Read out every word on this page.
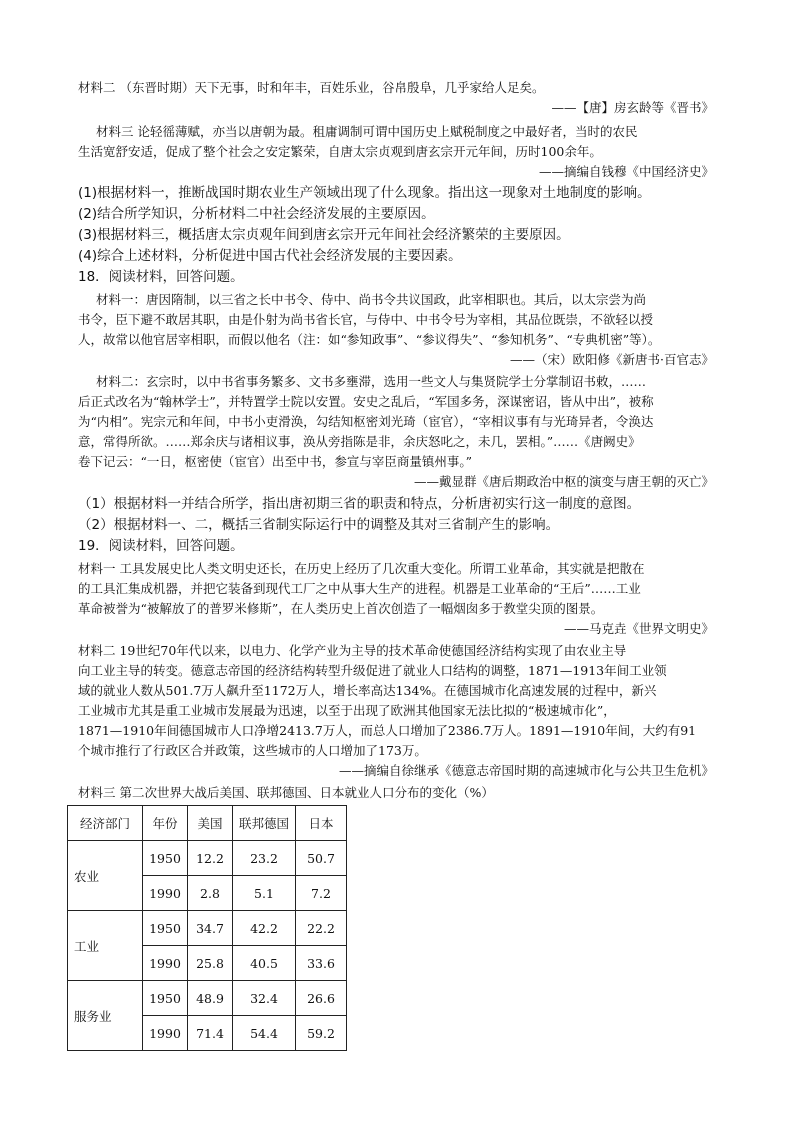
材料二 （东晋时期）天下无事，时和年丰，百姓乐业，谷帛殷阜，几乎家给人足矣。
——【唐】房玄龄等《晋书》
材料三 论轻徭薄赋，亦当以唐朝为最。租庸调制可谓中国历史上赋税制度之中最好者，当时的农民
生活宽舒安适，促成了整个社会之安定繁荣，自唐太宗贞观到唐玄宗开元年间，历时100余年。
——摘编自钱穆《中国经济史》
(1)根据材料一，推断战国时期农业生产领域出现了什么现象。指出这一现象对土地制度的影响。
(2)结合所学知识，分析材料二中社会经济发展的主要原因。
(3)根据材料三，概括唐太宗贞观年间到唐玄宗开元年间社会经济繁荣的主要原因。
(4)综合上述材料，分析促进中国古代社会经济发展的主要因素。
18．阅读材料，回答问题。
材料一：唐因隋制，以三省之长中书令、侍中、尚书令共议国政，此宰相职也。其后，以太宗尝为尚
书令，臣下避不敢居其职，由是仆射为尚书省长官，与侍中、中书令号为宰相，其品位既崇，不欲轻以授
人，故常以他官居宰相职，而假以他名（注：如“参知政事”、“参议得失”、“参知机务”、“专典机密”等）。
——（宋）欧阳修《新唐书·百官志》
材料二：玄宗时，以中书省事务繁多、文书多壅滞，选用一些文人与集贤院学士分掌制诏书敕，……
后正式改名为“翰林学士”，并特置学士院以安置。安史之乱后，“军国多务，深谋密诏，皆从中出”，被称
为“内相”。宪宗元和年间，中书小吏滑涣，勾结知枢密刘光琦（宦官），“宰相议事有与光琦异者，令涣达
意，常得所欲。……郑余庆与诸相议事，涣从旁指陈是非，余庆怒叱之，未几，罢相。”……《唐阙史》
卷下记云：“一日，枢密使（宦官）出至中书，参宣与宰臣商量镇州事。”
——戴显群《唐后期政治中枢的演变与唐王朝的灭亡》
（1）根据材料一并结合所学，指出唐初期三省的职责和特点，分析唐初实行这一制度的意图。
（2）根据材料一、二，概括三省制实际运行中的调整及其对三省制产生的影响。
19．阅读材料，回答问题。
材料一 工具发展史比人类文明史还长，在历史上经历了几次重大变化。所谓工业革命，其实就是把散在
的工具汇集成机器，并把它装备到现代工厂之中从事大生产的进程。机器是工业革命的“王后”……工业
革命被誉为“被解放了的普罗米修斯”，在人类历史上首次创造了一幅烟囱多于教堂尖顶的图景。
——马克垚《世界文明史》
材料二 19世纪70年代以来，以电力、化学产业为主导的技术革命使德国经济结构实现了由农业主导
向工业主导的转变。德意志帝国的经济结构转型升级促进了就业人口结构的调整，1871—1913年间工业领
域的就业人数从501.7万人飙升至1172万人，增长率高达134%。在德国城市化高速发展的过程中，新兴
工业城市尤其是重工业城市发展最为迅速，以至于出现了欧洲其他国家无法比拟的“极速城市化”，
1871—1910年间德国城市人口净增2413.7万人，而总人口增加了2386.7万人。1891—1910年间，大约有91
个城市推行了行政区合并政策，这些城市的人口增加了173万。
——摘编自徐继承《德意志帝国时期的高速城市化与公共卫生危机》
材料三 第二次世界大战后美国、联邦德国、日本就业人口分布的变化（%）
经济部门	年份	美国	联邦德国	日本
农业	1950	12.2	23.2	50.7
	1990	2.8	5.1	7.2
工业	1950	34.7	42.2	22.2
	1990	25.8	40.5	33.6
服务业	1950	48.9	32.4	26.6
	1990	71.4	54.4	59.2
